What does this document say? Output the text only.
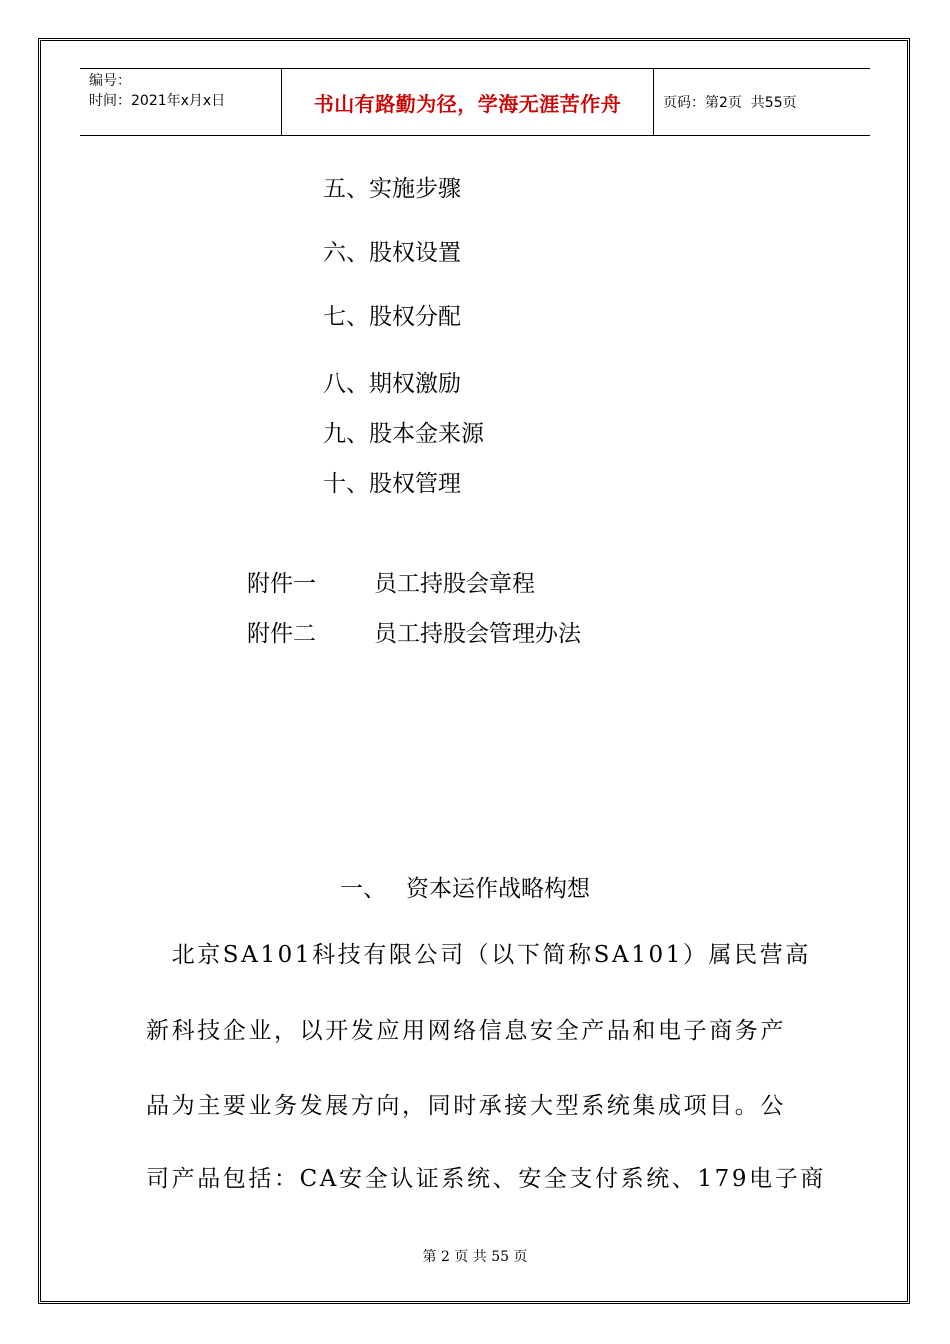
编号：
时间：2021年x月x日	书山有路勤为径，学海无涯苦作舟	页码：第2页  共55页
五、实施步骤
六、股权设置
七、股权分配
八、期权激励
九、股本金来源
十、股权管理
附件一	员工持股会章程
附件二	员工持股会管理办法
一、 资本运作战略构想
　北京SA101科技有限公司（以下简称SA101）属民营高
新科技企业，以开发应用网络信息安全产品和电子商务产
品为主要业务发展方向，同时承接大型系统集成项目。公
司产品包括：CA安全认证系统、安全支付系统、179电子商
第 2 页 共 55 页
